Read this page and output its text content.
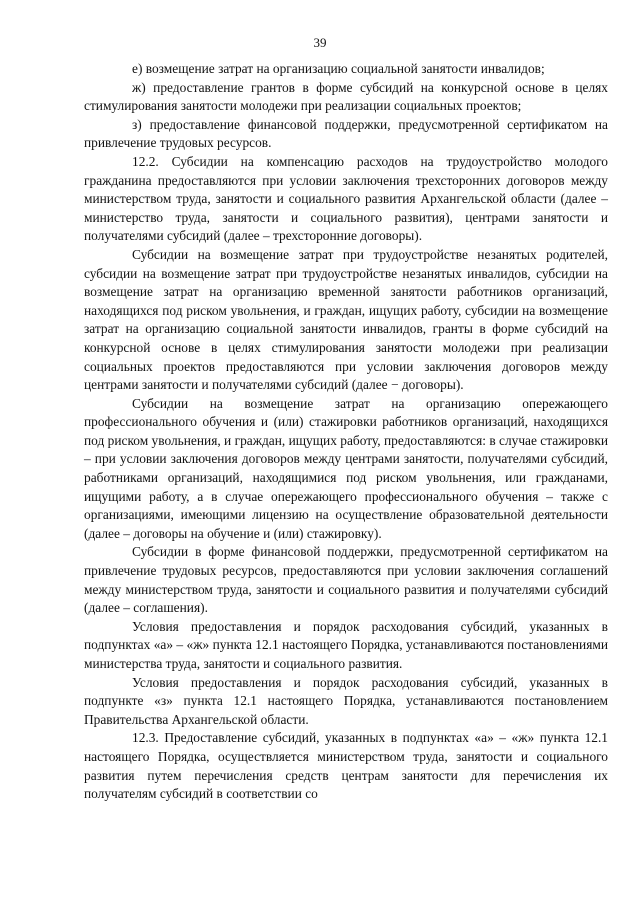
39

е) возмещение затрат на организацию социальной занятости инвалидов;

ж) предоставление грантов в форме субсидий на конкурсной основе в целях стимулирования занятости молодежи при реализации социальных проектов;

з) предоставление финансовой поддержки, предусмотренной сертификатом на привлечение трудовых ресурсов.

12.2. Субсидии на компенсацию расходов на трудоустройство молодого гражданина предоставляются при условии заключения трехсторонних договоров между министерством труда, занятости и социального развития Архангельской области (далее – министерство труда, занятости и социального развития), центрами занятости и получателями субсидий (далее – трехсторонние договоры).

Субсидии на возмещение затрат при трудоустройстве незанятых родителей, субсидии на возмещение затрат при трудоустройстве незанятых инвалидов, субсидии на возмещение затрат на организацию временной занятости работников организаций, находящихся под риском увольнения, и граждан, ищущих работу, субсидии на возмещение затрат на организацию социальной занятости инвалидов, гранты в форме субсидий на конкурсной основе в целях стимулирования занятости молодежи при реализации социальных проектов предоставляются при условии заключения договоров между центрами занятости и получателями субсидий (далее − договоры).

Субсидии на возмещение затрат на организацию опережающего профессионального обучения и (или) стажировки работников организаций, находящихся под риском увольнения, и граждан, ищущих работу, предоставляются: в случае стажировки – при условии заключения договоров между центрами занятости, получателями субсидий, работниками организаций, находящимися под риском увольнения, или гражданами, ищущими работу, а в случае опережающего профессионального обучения – также с организациями, имеющими лицензию на осуществление образовательной деятельности (далее – договоры на обучение и (или) стажировку).

Субсидии в форме финансовой поддержки, предусмотренной сертификатом на привлечение трудовых ресурсов, предоставляются при условии заключения соглашений между министерством труда, занятости и социального развития и получателями субсидий (далее – соглашения).

Условия предоставления и порядок расходования субсидий, указанных в подпунктах «а» – «ж» пункта 12.1 настоящего Порядка, устанавливаются постановлениями министерства труда, занятости и социального развития.

Условия предоставления и порядок расходования субсидий, указанных в подпункте «з» пункта 12.1 настоящего Порядка, устанавливаются постановлением Правительства Архангельской области.

12.3. Предоставление субсидий, указанных в подпунктах «а» – «ж» пункта 12.1 настоящего Порядка, осуществляется министерством труда, занятости и социального развития путем перечисления средств центрам занятости для перечисления их получателям субсидий в соответствии со
